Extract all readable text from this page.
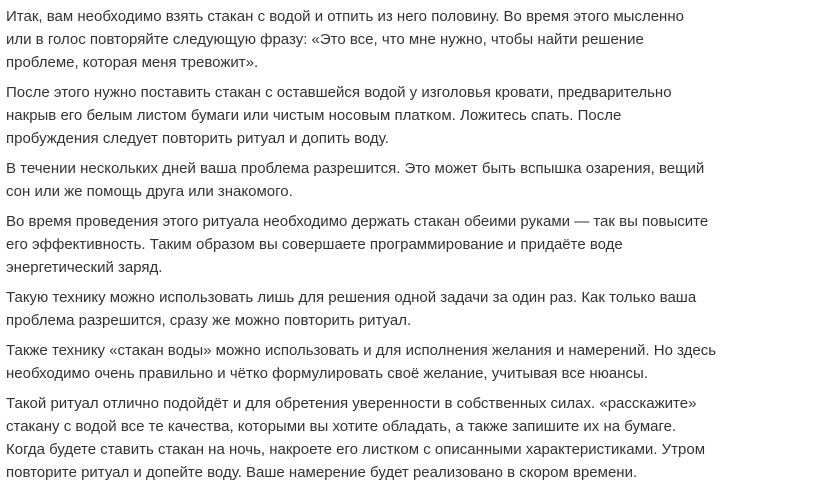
Итак, вам необходимо взять стакан с водой и отпить из него половину. Во время этого мысленно
или в голос повторяйте следующую фразу: «Это все, что мне нужно, чтобы найти решение
проблеме, которая меня тревожит».

После этого нужно поставить стакан с оставшейся водой у изголовья кровати, предварительно
накрыв его белым листом бумаги или чистым носовым платком. Ложитесь спать. После
пробуждения следует повторить ритуал и допить воду.

В течении нескольких дней ваша проблема разрешится. Это может быть вспышка озарения, вещий
сон или же помощь друга или знакомого.

Во время проведения этого ритуала необходимо держать стакан обеими руками — так вы повысите
его эффективность. Таким образом вы совершаете программирование и придаёте воде
энергетический заряд.

Такую технику можно использовать лишь для решения одной задачи за один раз. Как только ваша
проблема разрешится, сразу же можно повторить ритуал.

Также технику «стакан воды» можно использовать и для исполнения желания и намерений. Но здесь
необходимо очень правильно и чётко формулировать своё желание, учитывая все нюансы.

Такой ритуал отлично подойдёт и для обретения уверенности в собственных силах. «расскажите»
стакану с водой все те качества, которыми вы хотите обладать, а также запишите их на бумаге.
Когда будете ставить стакан на ночь, накроете его листком с описанными характеристиками. Утром
повторите ритуал и допейте воду. Ваше намерение будет реализовано в скором времени.
